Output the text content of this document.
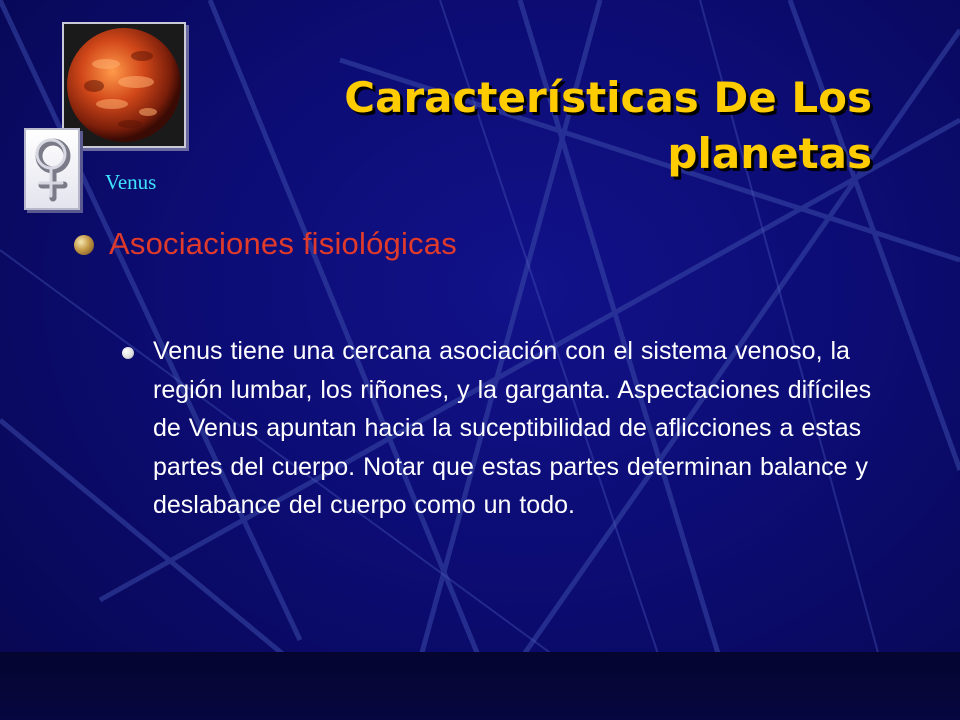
Venus
Características De Los planetas
Asociaciones fisiológicas
Venus tiene una cercana asociación con el sistema venoso, la región lumbar, los riñones, y la garganta. Aspectaciones difíciles de Venus apuntan hacia la suceptibilidad de aflicciones a estas partes del cuerpo. Notar que estas partes determinan balance y deslabance del cuerpo como un todo.
